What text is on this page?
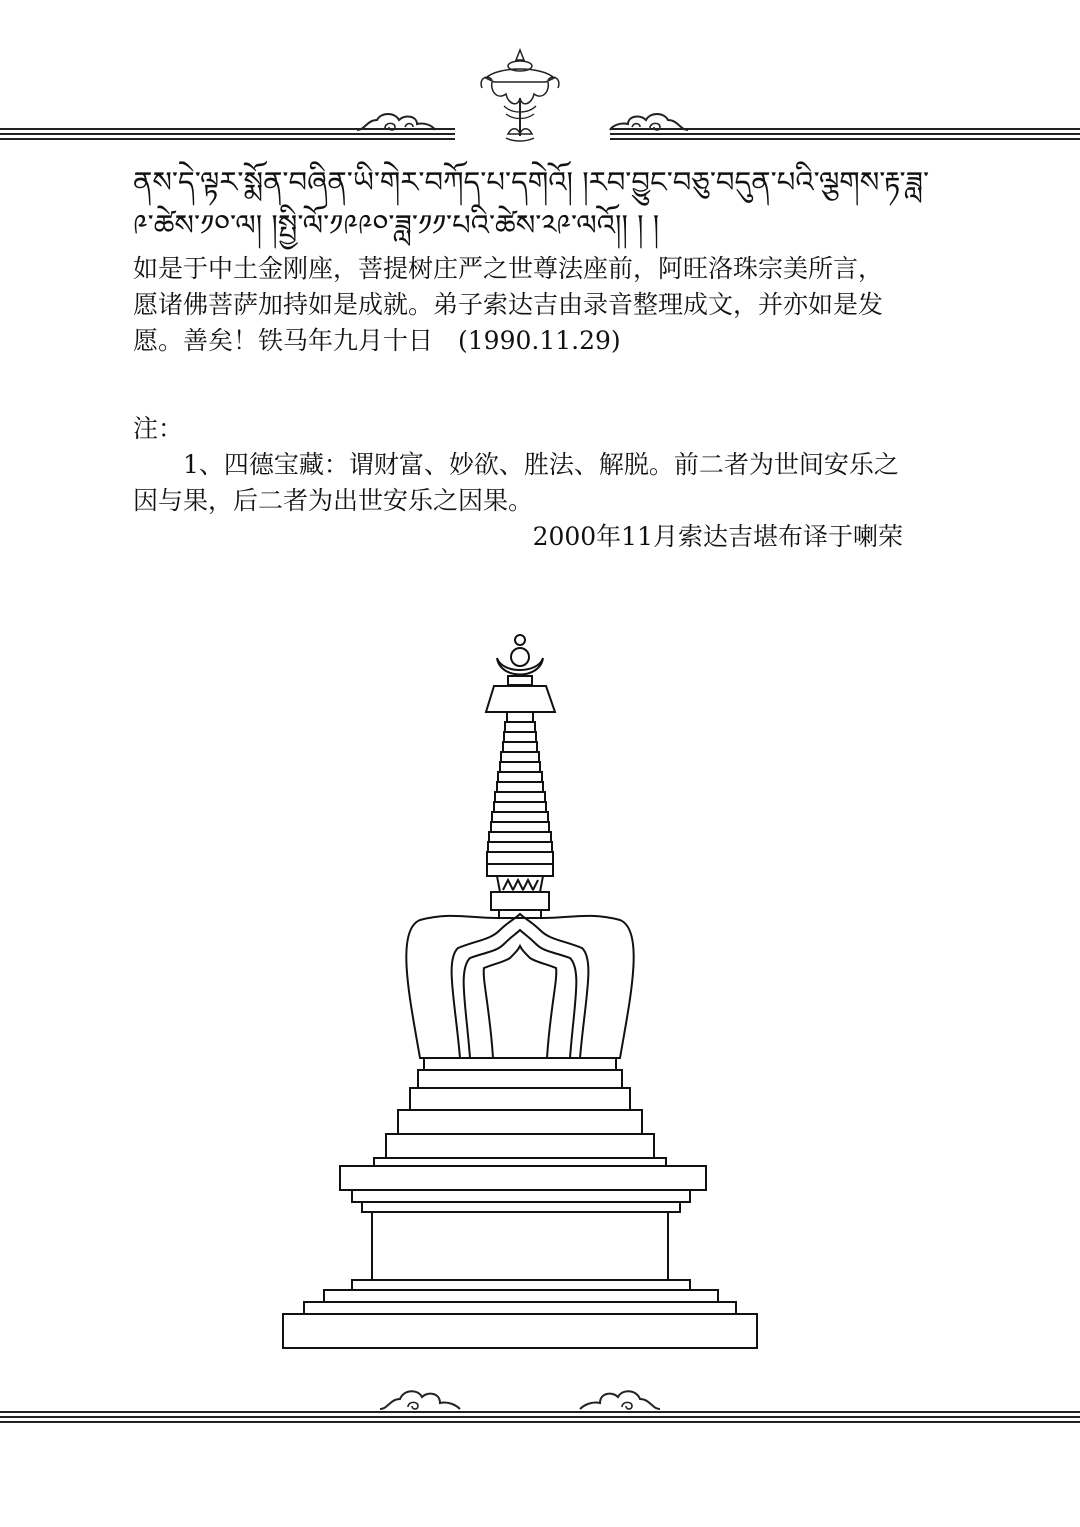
ནས་དེ་ལྟར་སྨོན་བཞིན་ཡི་གེར་བཀོད་པ་དགེའོ། །རབ་བྱུང་བཅུ་བདུན་པའི་ལྕགས་རྟ་ཟླ་
༩་ཚེས་༡༠་ལ། །སྤྱི་ལོ་༡༩༩༠་ཟླ་༡༡་པའི་ཚེས་༢༩་ལའོ།། ། །

如是于中土金刚座，菩提树庄严之世尊法座前，阿旺洛珠宗美所言，愿诸佛菩萨加持如是成就。弟子索达吉由录音整理成文，并亦如是发愿。善矣！铁马年九月十日　(1990.11.29)

注：

1、四德宝藏：谓财富、妙欲、胜法、解脱。前二者为世间安乐之因与果，后二者为出世安乐之因果。

2000年11月索达吉堪布译于喇荣
